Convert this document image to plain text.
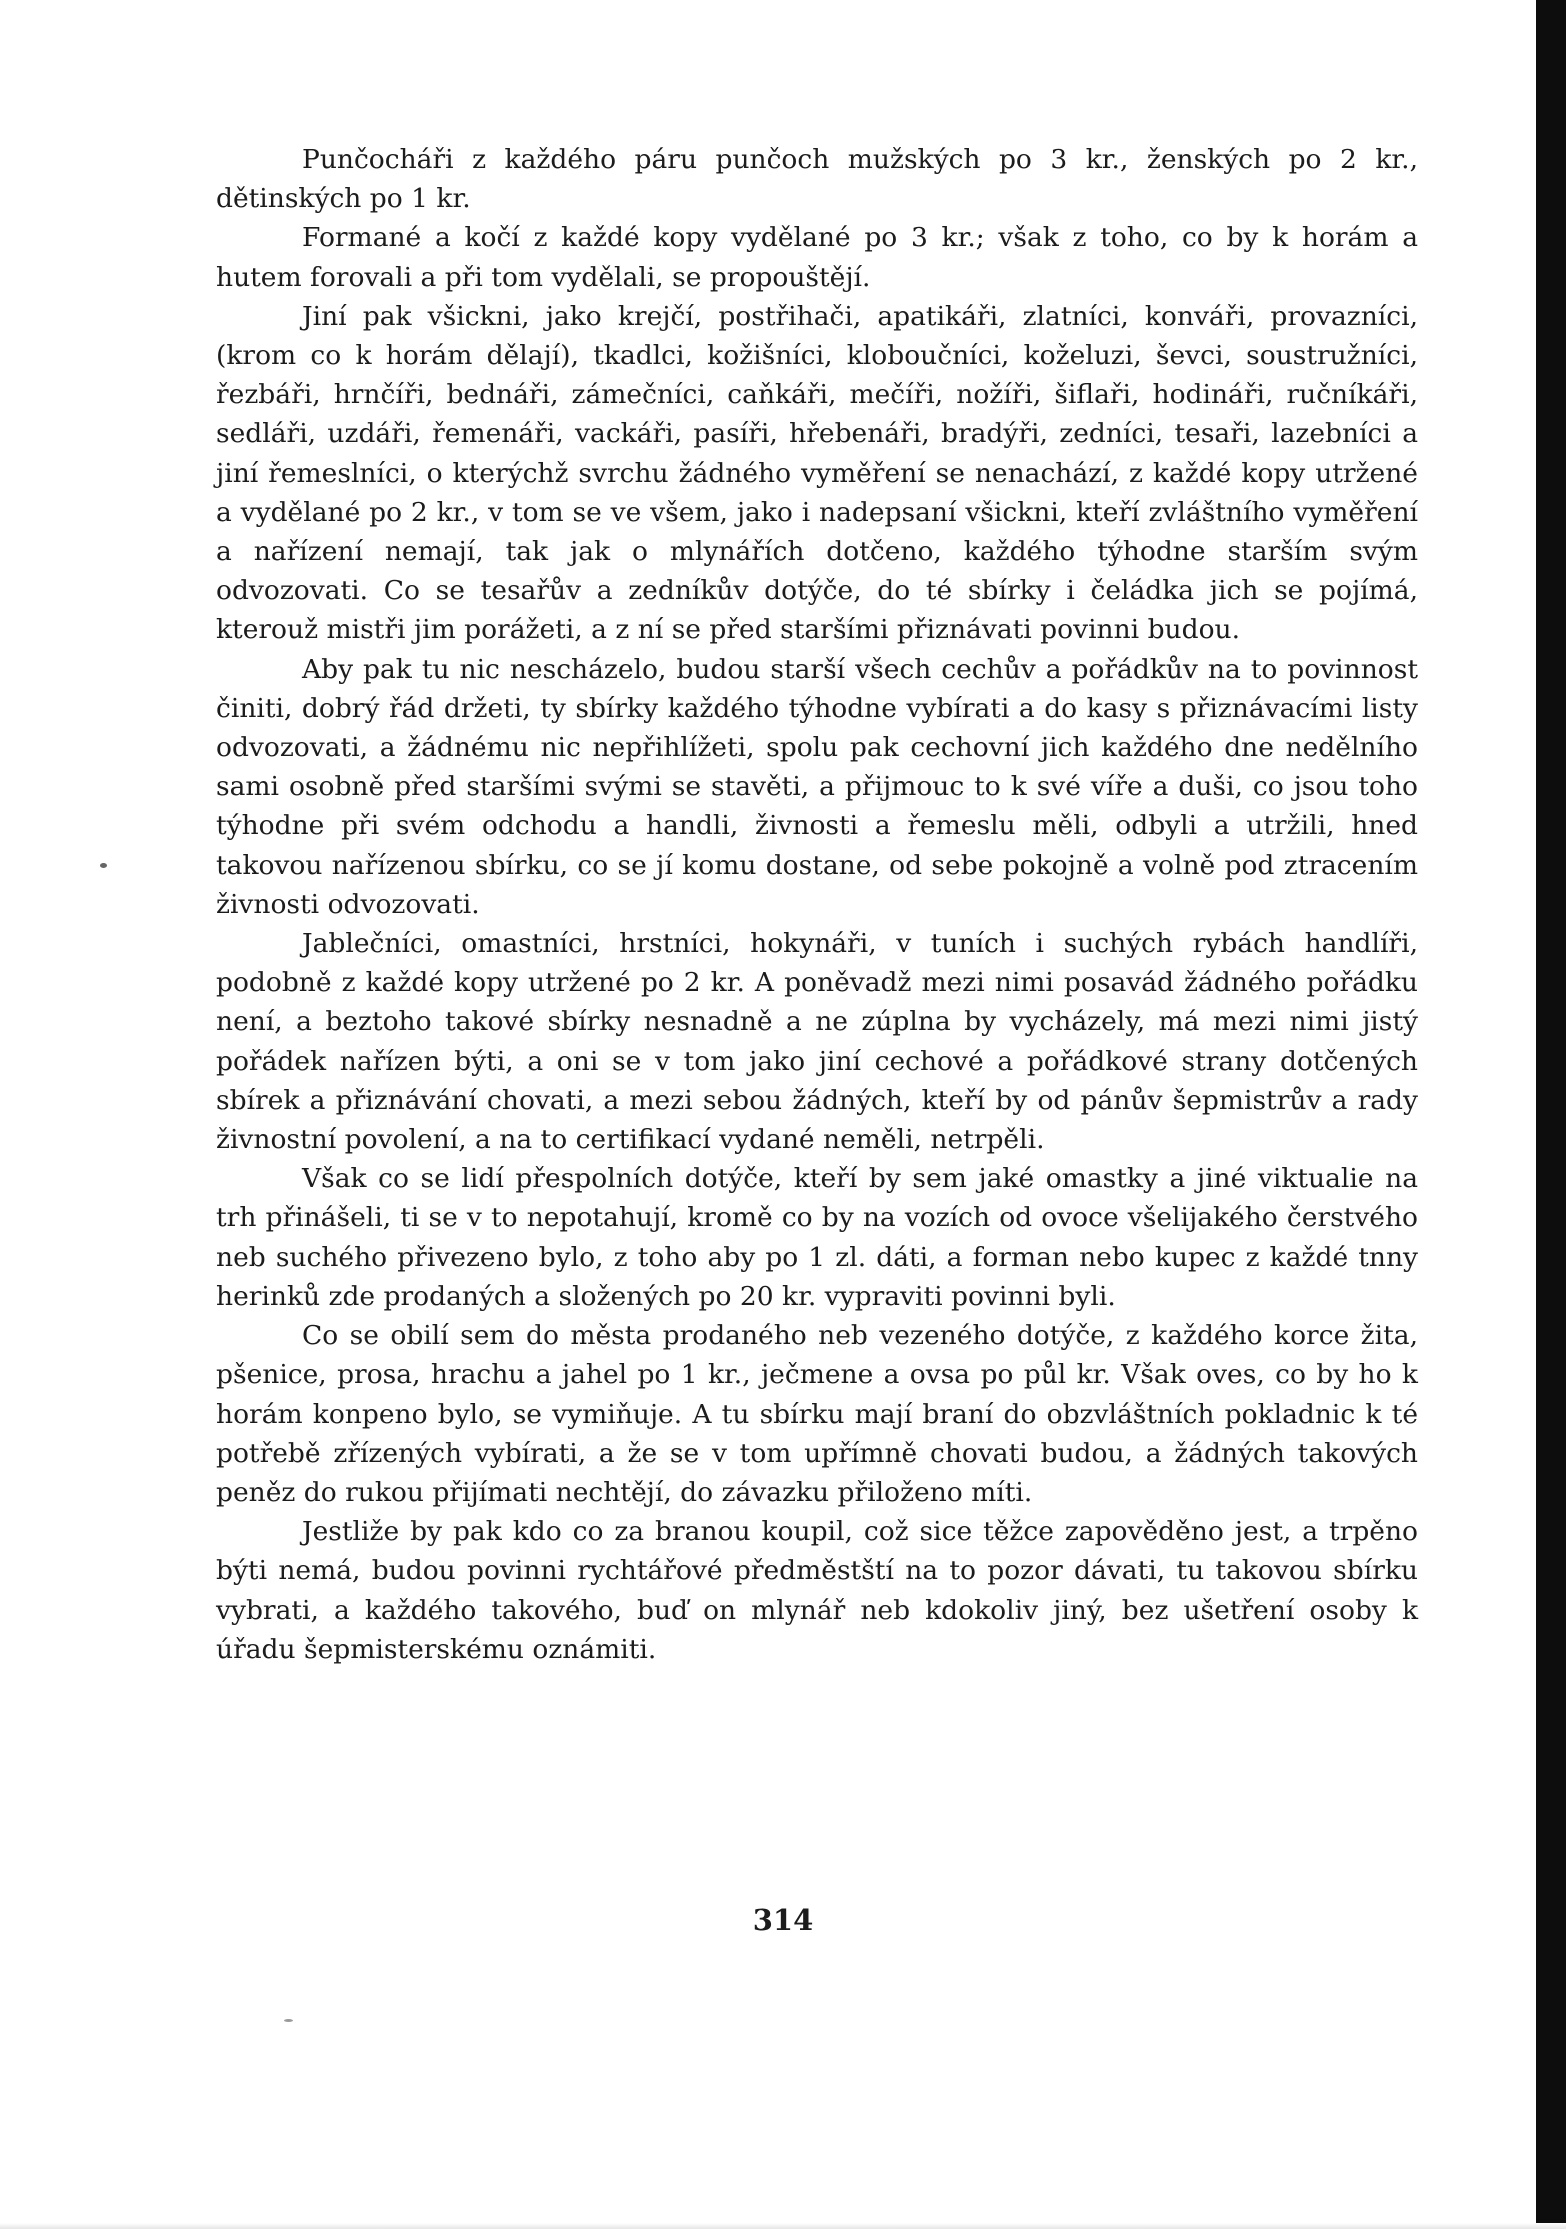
Punčocháři z každého páru punčoch mužských po 3 kr., ženských po 2 kr., dětinských po 1 kr.

Formané a kočí z každé kopy vydělané po 3 kr.; však z toho, co by k horám a hutem forovali a při tom vydělali, se propouštějí.

Jiní pak všickni, jako krejčí, postřihači, apatikáři, zlatníci, konváři, provazníci, (krom co k horám dělají), tkadlci, kožišníci, kloboučníci, koželuzi, ševci, soustružníci, řezbáři, hrnčíři, bednáři, zámečníci, caňkáři, mečíři, nožíři, šiflaři, hodináři, ručníkáři, sedláři, uzdáři, řemenáři, vackáři, pasíři, hřebenáři, bradýři, zedníci, tesaři, lazebníci a jiní řemeslníci, o kterýchž svrchu žádného vyměření se nenachází, z každé kopy utržené a vydělané po 2 kr., v tom se ve všem, jako i nadepsaní všickni, kteří zvláštního vyměření a nařízení nemají, tak jak o mlynářích dotčeno, každého týhodne starším svým odvozovati. Co se tesařův a zedníkův dotýče, do té sbírky i čeládka jich se pojímá, kterouž mistři jim porážeti, a z ní se před staršími přiznávati povinni budou.

Aby pak tu nic nescházelo, budou starší všech cechův a pořádkův na to povinnost činiti, dobrý řád držeti, ty sbírky každého týhodne vybírati a do kasy s přiznávacími listy odvozovati, a žádnému nic nepřihlížeti, spolu pak cechovní jich každého dne nedělního sami osobně před staršími svými se stavěti, a přijmouc to k své víře a duši, co jsou toho týhodne při svém odchodu a handli, živnosti a řemeslu měli, odbyli a utržili, hned takovou nařízenou sbírku, co se jí komu dostane, od sebe pokojně a volně pod ztracením živnosti odvozovati.

Jablečníci, omastníci, hrstníci, hokynáři, v tuních i suchých rybách handlíři, podobně z každé kopy utržené po 2 kr. A poněvadž mezi nimi posavád žádného pořádku není, a beztoho takové sbírky nesnadně a ne zúplna by vycházely, má mezi nimi jistý pořádek nařízen býti, a oni se v tom jako jiní cechové a pořádkové strany dotčených sbírek a přiznávání chovati, a mezi sebou žádných, kteří by od pánův šepmistrův a rady živnostní povolení, a na to certifikací vydané neměli, netrpěli.

Však co se lidí přespolních dotýče, kteří by sem jaké omastky a jiné viktualie na trh přinášeli, ti se v to nepotahují, kromě co by na vozích od ovoce všelijakého čerstvého neb suchého přivezeno bylo, z toho aby po 1 zl. dáti, a forman nebo kupec z každé tnny herinků zde prodaných a složených po 20 kr. vypraviti povinni byli.

Co se obilí sem do města prodaného neb vezeného dotýče, z každého korce žita, pšenice, prosa, hrachu a jahel po 1 kr., ječmene a ovsa po půl kr. Však oves, co by ho k horám konpeno bylo, se vymiňuje. A tu sbírku mají braní do obzvláštních pokladnic k té potřebě zřízených vybírati, a že se v tom upřímně chovati budou, a žádných takových peněz do rukou přijímati nechtějí, do závazku přiloženo míti.

Jestliže by pak kdo co za branou koupil, což sice těžce zapověděno jest, a trpěno býti nemá, budou povinni rychtářové předměstští na to pozor dávati, tu takovou sbírku vybrati, a každého takového, buď on mlynář neb kdokoliv jiný, bez ušetření osoby k úřadu šepmisterskému oznámiti.

314
